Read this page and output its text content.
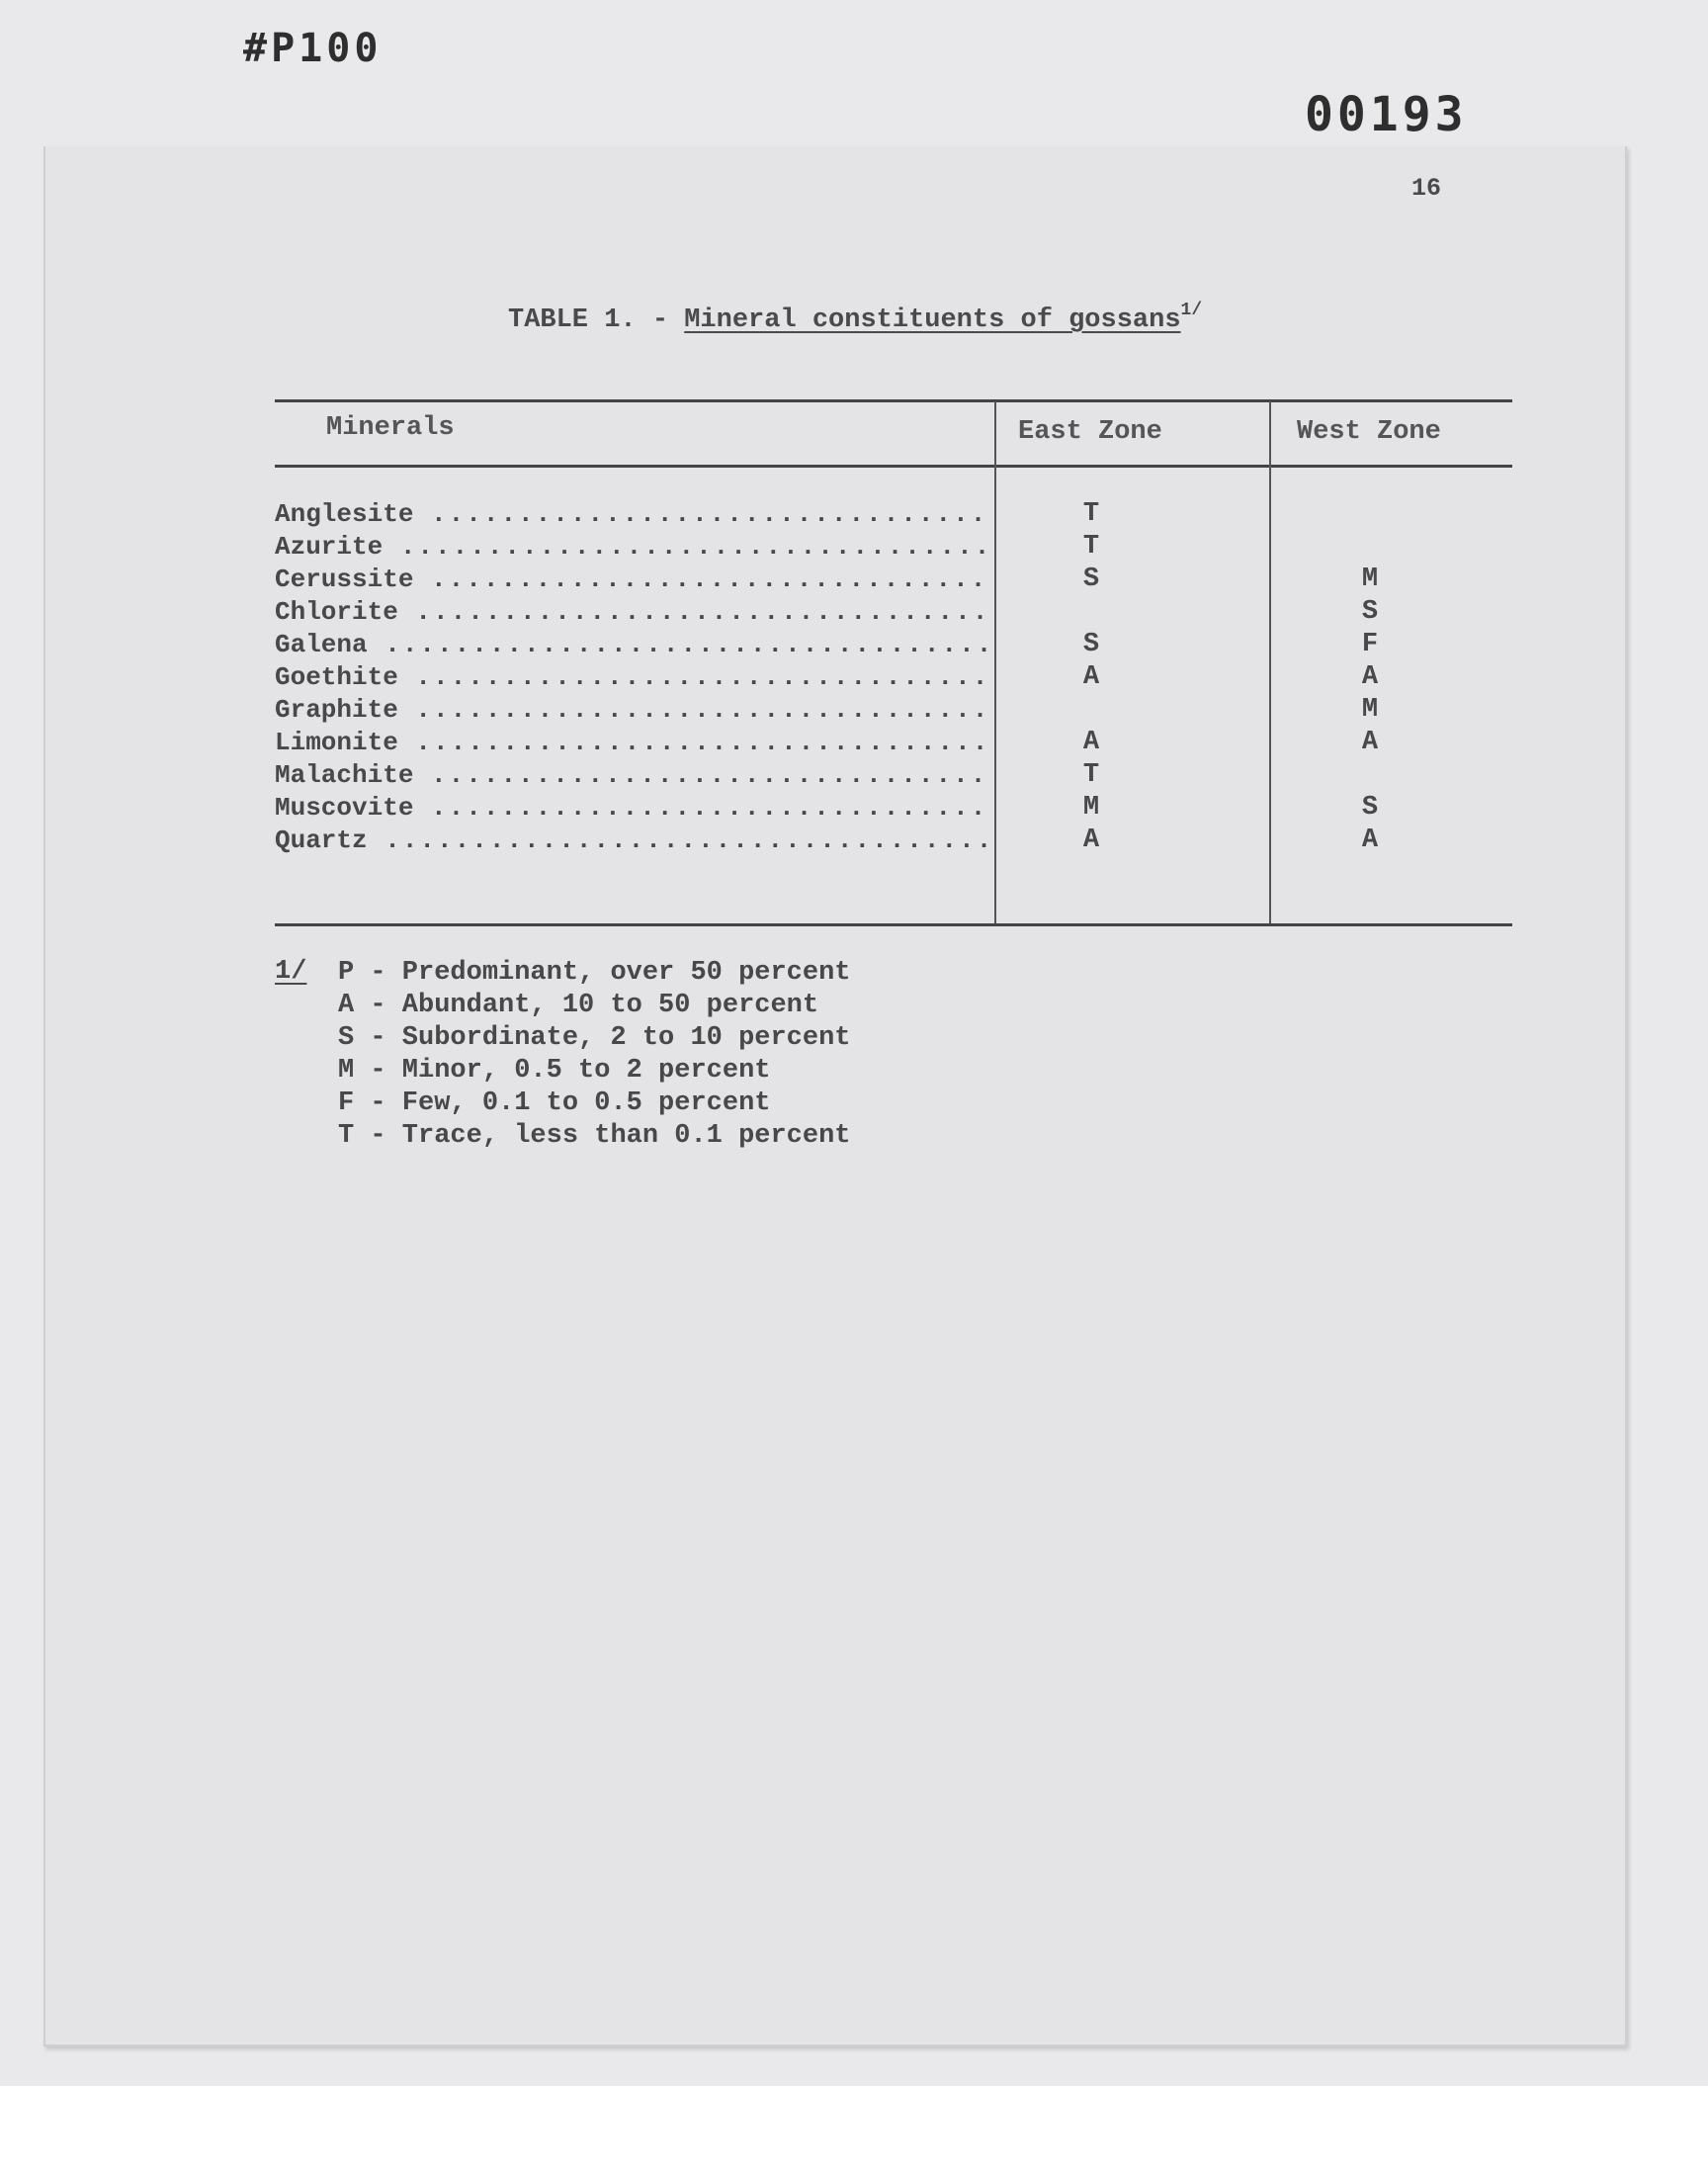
#P100
00193
16
TABLE 1. - Mineral constituents of gossans$^{1/}$
Minerals	East Zone	West Zone
Anglesite .....
Azurite .....
Cerussite .....
Chlorite .....
Galena .....
Goethite .....
Graphite .....
Limonite .....
Malachite .....
Muscovite .....
Quartz .....
T
T
S
S
A
A
T
M
A
M
S
F
A
M
A
S
A
1/ P - Predominant, over 50 percent
A - Abundant, 10 to 50 percent
S - Subordinate, 2 to 10 percent
M - Minor, 0.5 to 2 percent
F - Few, 0.1 to 0.5 percent
T - Trace, less than 0.1 percent
